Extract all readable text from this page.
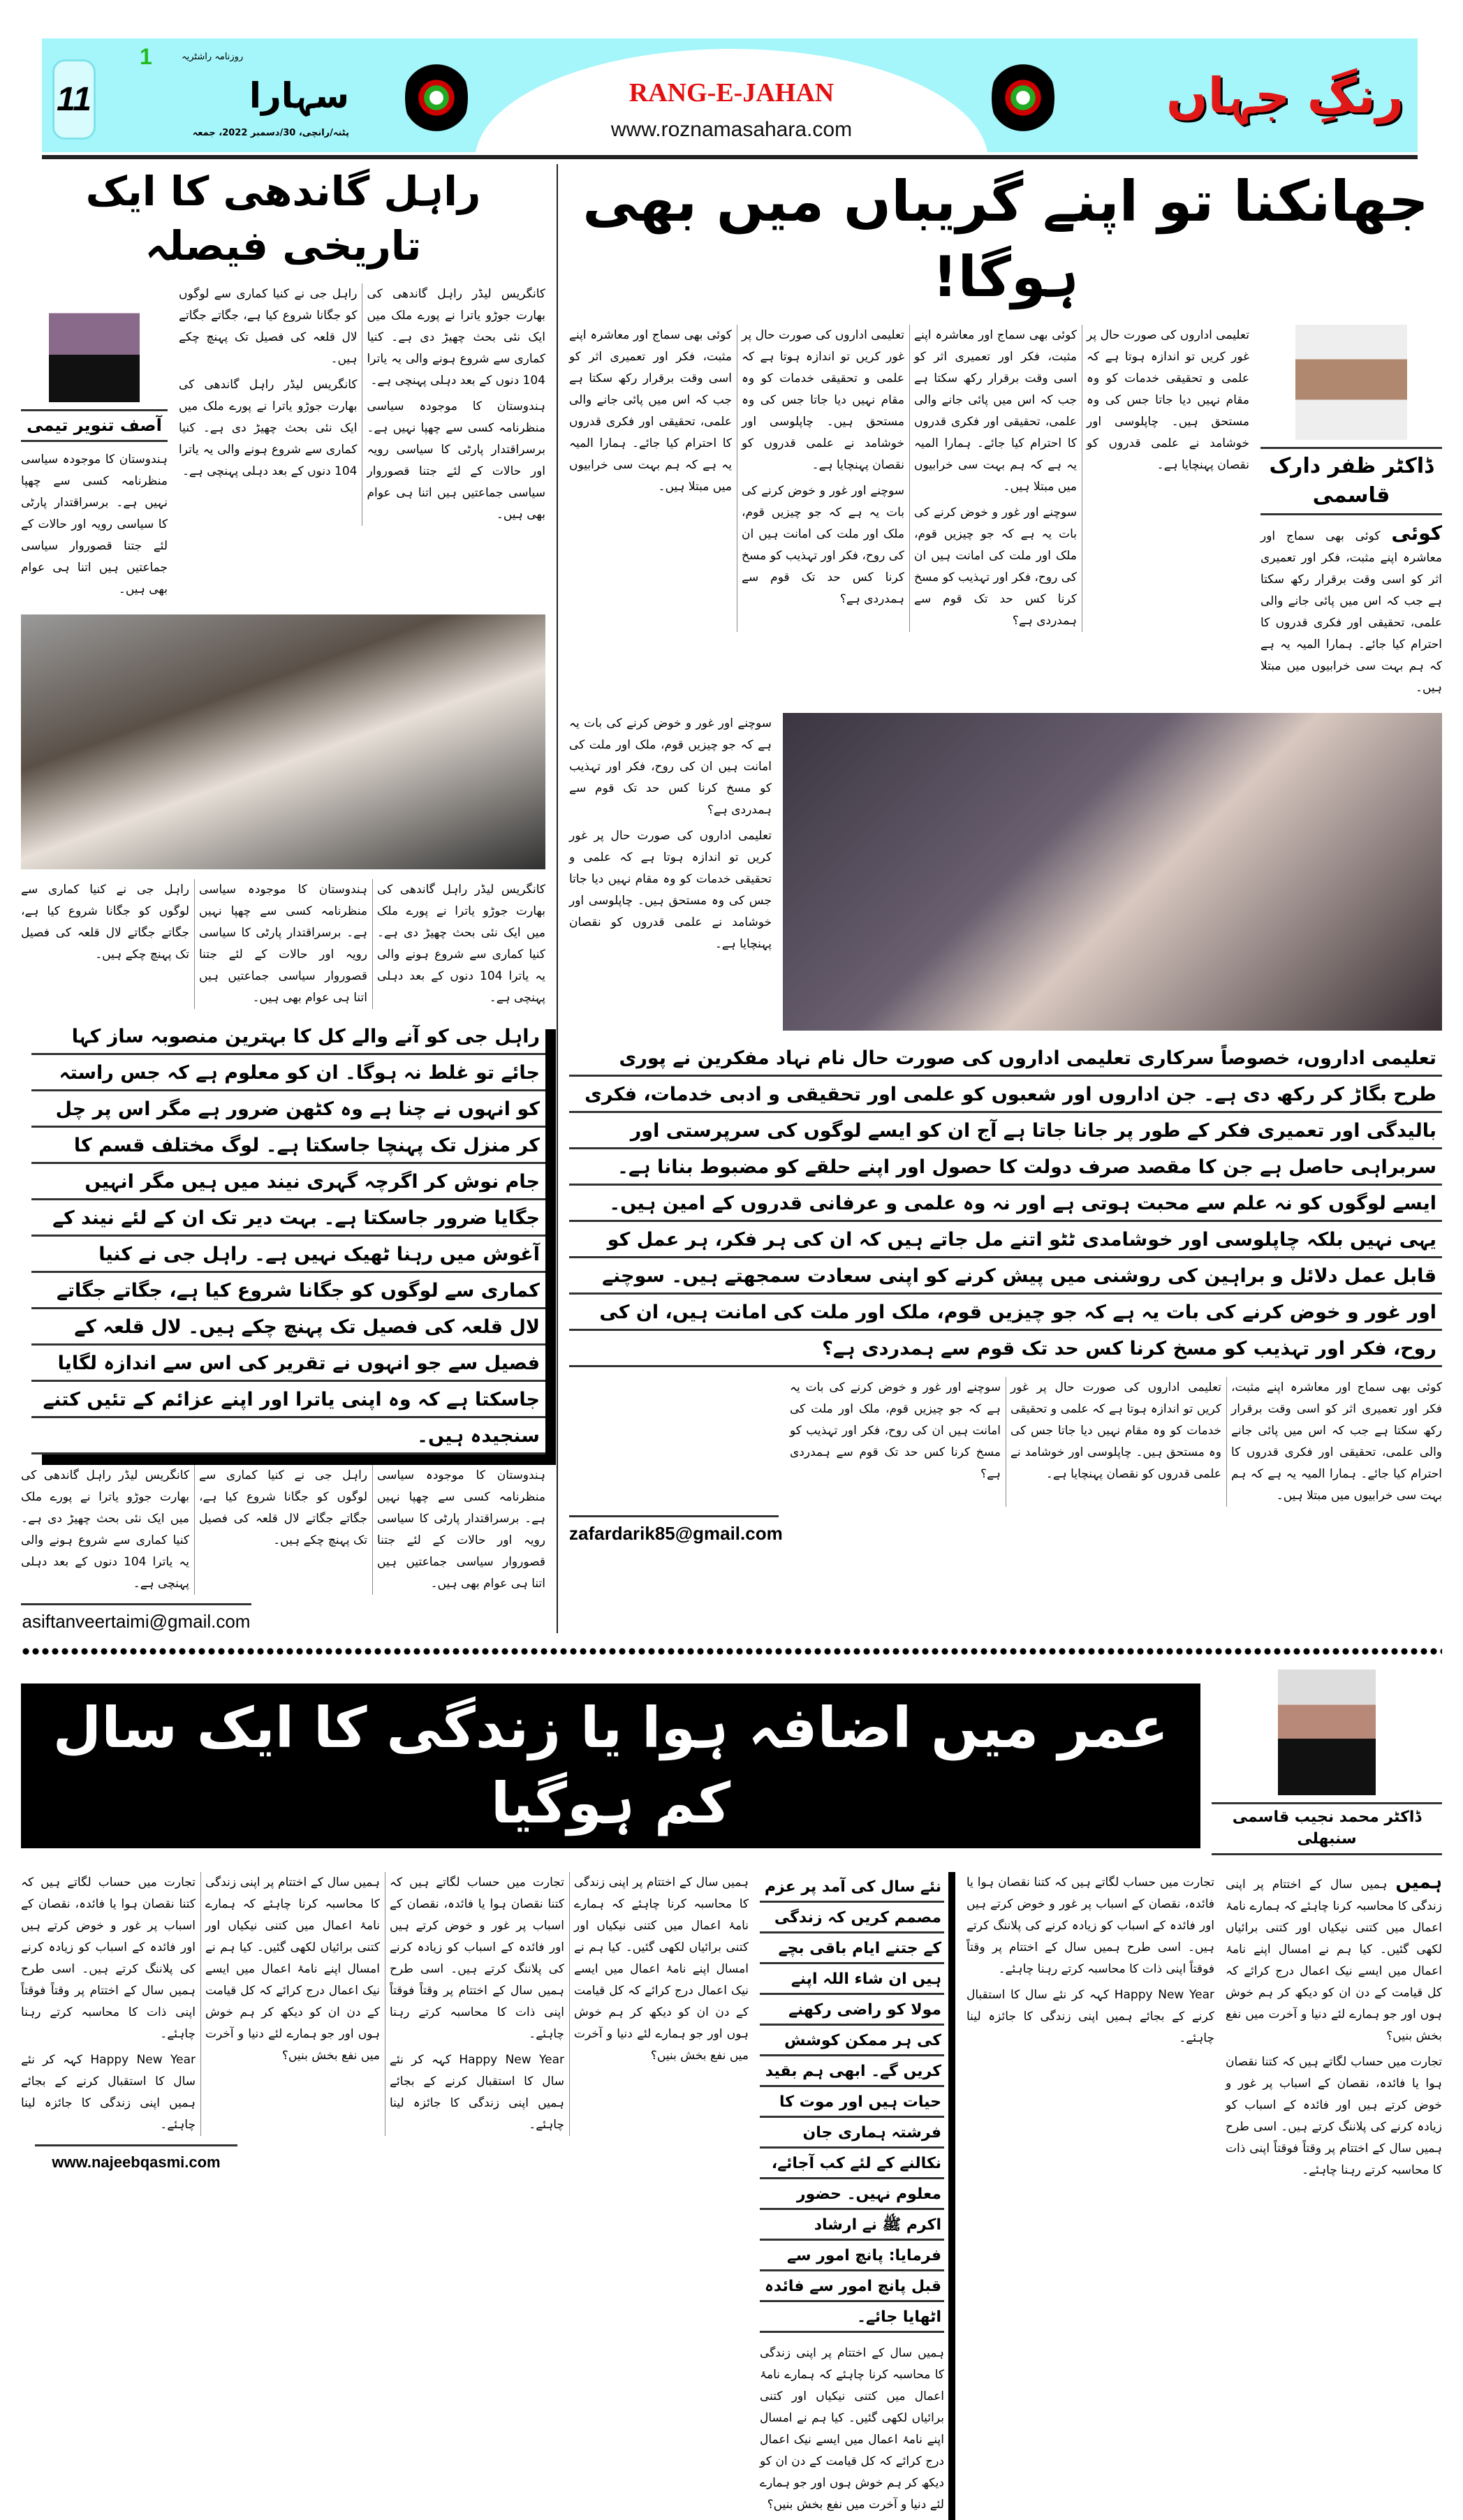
RANG-E-JAHAN
www.roznamasahara.com
11
1	روزنامہ راشٹریہ
سہارا
پٹنہ/رانچی، 30/دسمبر 2022، جمعہ
رنگِ جہاں
جھانکنا تو اپنے گریباں میں بھی ہوگا!
ڈاکٹر ظفر دارک قاسمی

کوئی کوئی بھی سماج اور معاشرہ اپنے مثبت، فکر اور تعمیری اثر کو اسی وقت برقرار رکھ سکتا ہے جب کہ اس میں پائی جانے والی علمی، تحقیقی اور فکری قدروں کا احترام کیا جائے۔ ہمارا المیہ یہ ہے کہ ہم بہت سی خرابیوں میں مبتلا ہیں۔

تعلیمی اداروں کی صورت حال پر غور کریں تو اندازہ ہوتا ہے کہ علمی و تحقیقی خدمات کو وہ مقام نہیں دیا جاتا جس کی وہ مستحق ہیں۔ چاپلوسی اور خوشامد نے علمی قدروں کو نقصان پہنچایا ہے۔

کوئی بھی سماج اور معاشرہ اپنے مثبت، فکر اور تعمیری اثر کو اسی وقت برقرار رکھ سکتا ہے جب کہ اس میں پائی جانے والی علمی، تحقیقی اور فکری قدروں کا احترام کیا جائے۔ ہمارا المیہ یہ ہے کہ ہم بہت سی خرابیوں میں مبتلا ہیں۔

سوچنے اور غور و خوض کرنے کی بات یہ ہے کہ جو چیزیں قوم، ملک اور ملت کی امانت ہیں ان کی روح، فکر اور تہذیب کو مسخ کرنا کس حد تک قوم سے ہمدردی ہے؟

تعلیمی اداروں کی صورت حال پر غور کریں تو اندازہ ہوتا ہے کہ علمی و تحقیقی خدمات کو وہ مقام نہیں دیا جاتا جس کی وہ مستحق ہیں۔ چاپلوسی اور خوشامد نے علمی قدروں کو نقصان پہنچایا ہے۔

سوچنے اور غور و خوض کرنے کی بات یہ ہے کہ جو چیزیں قوم، ملک اور ملت کی امانت ہیں ان کی روح، فکر اور تہذیب کو مسخ کرنا کس حد تک قوم سے ہمدردی ہے؟

کوئی بھی سماج اور معاشرہ اپنے مثبت، فکر اور تعمیری اثر کو اسی وقت برقرار رکھ سکتا ہے جب کہ اس میں پائی جانے والی علمی، تحقیقی اور فکری قدروں کا احترام کیا جائے۔ ہمارا المیہ یہ ہے کہ ہم بہت سی خرابیوں میں مبتلا ہیں۔

سوچنے اور غور و خوض کرنے کی بات یہ ہے کہ جو چیزیں قوم، ملک اور ملت کی امانت ہیں ان کی روح، فکر اور تہذیب کو مسخ کرنا کس حد تک قوم سے ہمدردی ہے؟

تعلیمی اداروں کی صورت حال پر غور کریں تو اندازہ ہوتا ہے کہ علمی و تحقیقی خدمات کو وہ مقام نہیں دیا جاتا جس کی وہ مستحق ہیں۔ چاپلوسی اور خوشامد نے علمی قدروں کو نقصان پہنچایا ہے۔

تعلیمی اداروں، خصوصاً سرکاری تعلیمی اداروں کی صورت حال نام نہاد مفکرین نے پوری طرح بگاڑ کر رکھ دی ہے۔ جن اداروں اور شعبوں کو علمی اور تحقیقی و ادبی خدمات، فکری بالیدگی اور تعمیری فکر کے طور پر جانا جاتا ہے آج ان کو ایسے لوگوں کی سرپرستی اور سربراہی حاصل ہے جن کا مقصد صرف دولت کا حصول اور اپنے حلقے کو مضبوط بنانا ہے۔ ایسے لوگوں کو نہ علم سے محبت ہوتی ہے اور نہ وہ علمی و عرفانی قدروں کے امین ہیں۔ یہی نہیں بلکہ چاپلوسی اور خوشامدی ٹٹو اتنے مل جاتے ہیں کہ ان کی ہر فکر، ہر عمل کو قابل عمل دلائل و براہین کی روشنی میں پیش کرنے کو اپنی سعادت سمجھتے ہیں۔ سوچنے اور غور و خوض کرنے کی بات یہ ہے کہ جو چیزیں قوم، ملک اور ملت کی امانت ہیں، ان کی روح، فکر اور تہذیب کو مسخ کرنا کس حد تک قوم سے ہمدردی ہے؟

کوئی بھی سماج اور معاشرہ اپنے مثبت، فکر اور تعمیری اثر کو اسی وقت برقرار رکھ سکتا ہے جب کہ اس میں پائی جانے والی علمی، تحقیقی اور فکری قدروں کا احترام کیا جائے۔ ہمارا المیہ یہ ہے کہ ہم بہت سی خرابیوں میں مبتلا ہیں۔

تعلیمی اداروں کی صورت حال پر غور کریں تو اندازہ ہوتا ہے کہ علمی و تحقیقی خدمات کو وہ مقام نہیں دیا جاتا جس کی وہ مستحق ہیں۔ چاپلوسی اور خوشامد نے علمی قدروں کو نقصان پہنچایا ہے۔

سوچنے اور غور و خوض کرنے کی بات یہ ہے کہ جو چیزیں قوم، ملک اور ملت کی امانت ہیں ان کی روح، فکر اور تہذیب کو مسخ کرنا کس حد تک قوم سے ہمدردی ہے؟

zafardarik85@gmail.com
راہل گاندھی کا ایک تاریخی فیصلہ

کانگریس لیڈر راہل گاندھی کی بھارت جوڑو یاترا نے پورے ملک میں ایک نئی بحث چھیڑ دی ہے۔ کنیا کماری سے شروع ہونے والی یہ یاترا 104 دنوں کے بعد دہلی پہنچی ہے۔

ہندوستان کا موجودہ سیاسی منظرنامہ کسی سے چھپا نہیں ہے۔ برسراقتدار پارٹی کا سیاسی رویہ اور حالات کے لئے جتنا قصوروار سیاسی جماعتیں ہیں اتنا ہی عوام بھی ہیں۔

راہل جی نے کنیا کماری سے لوگوں کو جگانا شروع کیا ہے، جگاتے جگاتے لال قلعہ کی فصیل تک پہنچ چکے ہیں۔

کانگریس لیڈر راہل گاندھی کی بھارت جوڑو یاترا نے پورے ملک میں ایک نئی بحث چھیڑ دی ہے۔ کنیا کماری سے شروع ہونے والی یہ یاترا 104 دنوں کے بعد دہلی پہنچی ہے۔

آصف تنویر تیمی

ہندوستان کا موجودہ سیاسی منظرنامہ کسی سے چھپا نہیں ہے۔ برسراقتدار پارٹی کا سیاسی رویہ اور حالات کے لئے جتنا قصوروار سیاسی جماعتیں ہیں اتنا ہی عوام بھی ہیں۔

کانگریس لیڈر راہل گاندھی کی بھارت جوڑو یاترا نے پورے ملک میں ایک نئی بحث چھیڑ دی ہے۔ کنیا کماری سے شروع ہونے والی یہ یاترا 104 دنوں کے بعد دہلی پہنچی ہے۔

ہندوستان کا موجودہ سیاسی منظرنامہ کسی سے چھپا نہیں ہے۔ برسراقتدار پارٹی کا سیاسی رویہ اور حالات کے لئے جتنا قصوروار سیاسی جماعتیں ہیں اتنا ہی عوام بھی ہیں۔

راہل جی نے کنیا کماری سے لوگوں کو جگانا شروع کیا ہے، جگاتے جگاتے لال قلعہ کی فصیل تک پہنچ چکے ہیں۔

راہل جی کو آنے والے کل کا بہترین منصوبہ ساز کہا جائے تو غلط نہ ہوگا۔ ان کو معلوم ہے کہ جس راستہ کو انہوں نے چنا ہے وہ کٹھن ضرور ہے مگر اس پر چل کر منزل تک پہنچا جاسکتا ہے۔ لوگ مختلف قسم کا جام نوش کر اگرچہ گہری نیند میں ہیں مگر انہیں جگایا ضرور جاسکتا ہے۔ بہت دیر تک ان کے لئے نیند کے آغوش میں رہنا ٹھیک نہیں ہے۔ راہل جی نے کنیا کماری سے لوگوں کو جگانا شروع کیا ہے، جگاتے جگاتے لال قلعہ کی فصیل تک پہنچ چکے ہیں۔ لال قلعہ کے فصیل سے جو انہوں نے تقریر کی اس سے اندازہ لگایا جاسکتا ہے کہ وہ اپنی یاترا اور اپنے عزائم کے تئیں کتنے سنجیدہ ہیں۔

ہندوستان کا موجودہ سیاسی منظرنامہ کسی سے چھپا نہیں ہے۔ برسراقتدار پارٹی کا سیاسی رویہ اور حالات کے لئے جتنا قصوروار سیاسی جماعتیں ہیں اتنا ہی عوام بھی ہیں۔

راہل جی نے کنیا کماری سے لوگوں کو جگانا شروع کیا ہے، جگاتے جگاتے لال قلعہ کی فصیل تک پہنچ چکے ہیں۔

کانگریس لیڈر راہل گاندھی کی بھارت جوڑو یاترا نے پورے ملک میں ایک نئی بحث چھیڑ دی ہے۔ کنیا کماری سے شروع ہونے والی یہ یاترا 104 دنوں کے بعد دہلی پہنچی ہے۔

asiftanveertaimi@gmail.com
ڈاکٹر محمد نجیب قاسمی سنبھلی
عمر میں اضافہ ہوا یا زندگی کا ایک سال کم ہوگیا

ہمیں ہمیں سال کے اختتام پر اپنی زندگی کا محاسبہ کرنا چاہئے کہ ہمارے نامۂ اعمال میں کتنی نیکیاں اور کتنی برائیاں لکھی گئیں۔ کیا ہم نے امسال اپنے نامۂ اعمال میں ایسے نیک اعمال درج کرائے کہ کل قیامت کے دن ان کو دیکھ کر ہم خوش ہوں اور جو ہمارے لئے دنیا و آخرت میں نفع بخش بنیں؟

تجارت میں حساب لگاتے ہیں کہ کتنا نقصان ہوا یا فائدہ، نقصان کے اسباب پر غور و خوض کرتے ہیں اور فائدہ کے اسباب کو زیادہ کرنے کی پلاننگ کرتے ہیں۔ اسی طرح ہمیں سال کے اختتام پر وقتاً فوقتاً اپنی ذات کا محاسبہ کرتے رہنا چاہئے۔

تجارت میں حساب لگاتے ہیں کہ کتنا نقصان ہوا یا فائدہ، نقصان کے اسباب پر غور و خوض کرتے ہیں اور فائدہ کے اسباب کو زیادہ کرنے کی پلاننگ کرتے ہیں۔ اسی طرح ہمیں سال کے اختتام پر وقتاً فوقتاً اپنی ذات کا محاسبہ کرتے رہنا چاہئے۔

Happy New Year کہہ کر نئے سال کا استقبال کرنے کے بجائے ہمیں اپنی زندگی کا جائزہ لینا چاہئے۔

نئے سال کی آمد پر عزم مصمم کریں کہ زندگی کے جتنے ایام باقی بچے ہیں ان شاء اللہ اپنے مولا کو راضی رکھنے کی ہر ممکن کوشش کریں گے۔ ابھی ہم بقید حیات ہیں اور موت کا فرشتہ ہماری جان نکالنے کے لئے کب آجائے، معلوم نہیں۔ حضور اکرم ﷺ نے ارشاد فرمایا: پانچ امور سے قبل پانچ امور سے فائدہ اٹھایا جائے۔

ہمیں سال کے اختتام پر اپنی زندگی کا محاسبہ کرنا چاہئے کہ ہمارے نامۂ اعمال میں کتنی نیکیاں اور کتنی برائیاں لکھی گئیں۔ کیا ہم نے امسال اپنے نامۂ اعمال میں ایسے نیک اعمال درج کرائے کہ کل قیامت کے دن ان کو دیکھ کر ہم خوش ہوں اور جو ہمارے لئے دنیا و آخرت میں نفع بخش بنیں؟

ہمیں سال کے اختتام پر اپنی زندگی کا محاسبہ کرنا چاہئے کہ ہمارے نامۂ اعمال میں کتنی نیکیاں اور کتنی برائیاں لکھی گئیں۔ کیا ہم نے امسال اپنے نامۂ اعمال میں ایسے نیک اعمال درج کرائے کہ کل قیامت کے دن ان کو دیکھ کر ہم خوش ہوں اور جو ہمارے لئے دنیا و آخرت میں نفع بخش بنیں؟

تجارت میں حساب لگاتے ہیں کہ کتنا نقصان ہوا یا فائدہ، نقصان کے اسباب پر غور و خوض کرتے ہیں اور فائدہ کے اسباب کو زیادہ کرنے کی پلاننگ کرتے ہیں۔ اسی طرح ہمیں سال کے اختتام پر وقتاً فوقتاً اپنی ذات کا محاسبہ کرتے رہنا چاہئے۔

Happy New Year کہہ کر نئے سال کا استقبال کرنے کے بجائے ہمیں اپنی زندگی کا جائزہ لینا چاہئے۔

ہمیں سال کے اختتام پر اپنی زندگی کا محاسبہ کرنا چاہئے کہ ہمارے نامۂ اعمال میں کتنی نیکیاں اور کتنی برائیاں لکھی گئیں۔ کیا ہم نے امسال اپنے نامۂ اعمال میں ایسے نیک اعمال درج کرائے کہ کل قیامت کے دن ان کو دیکھ کر ہم خوش ہوں اور جو ہمارے لئے دنیا و آخرت میں نفع بخش بنیں؟

تجارت میں حساب لگاتے ہیں کہ کتنا نقصان ہوا یا فائدہ، نقصان کے اسباب پر غور و خوض کرتے ہیں اور فائدہ کے اسباب کو زیادہ کرنے کی پلاننگ کرتے ہیں۔ اسی طرح ہمیں سال کے اختتام پر وقتاً فوقتاً اپنی ذات کا محاسبہ کرتے رہنا چاہئے۔

Happy New Year کہہ کر نئے سال کا استقبال کرنے کے بجائے ہمیں اپنی زندگی کا جائزہ لینا چاہئے۔

www.najeebqasmi.com
